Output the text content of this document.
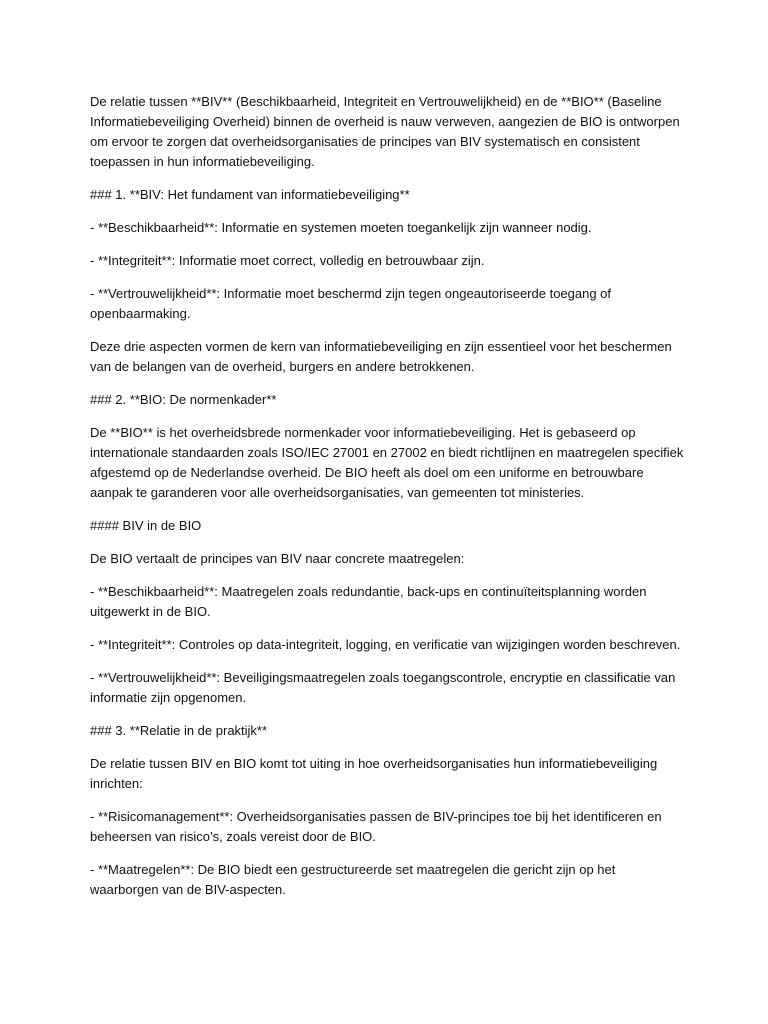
De relatie tussen **BIV** (Beschikbaarheid, Integriteit en Vertrouwelijkheid) en de **BIO** (Baseline Informatiebeveiliging Overheid) binnen de overheid is nauw verweven, aangezien de BIO is ontworpen om ervoor te zorgen dat overheidsorganisaties de principes van BIV systematisch en consistent toepassen in hun informatiebeveiliging.

### 1. **BIV: Het fundament van informatiebeveiliging**

- **Beschikbaarheid**: Informatie en systemen moeten toegankelijk zijn wanneer nodig.

- **Integriteit**: Informatie moet correct, volledig en betrouwbaar zijn.

- **Vertrouwelijkheid**: Informatie moet beschermd zijn tegen ongeautoriseerde toegang of openbaarmaking.

Deze drie aspecten vormen de kern van informatiebeveiliging en zijn essentieel voor het beschermen van de belangen van de overheid, burgers en andere betrokkenen.

### 2. **BIO: De normenkader**

De **BIO** is het overheidsbrede normenkader voor informatiebeveiliging. Het is gebaseerd op internationale standaarden zoals ISO/IEC 27001 en 27002 en biedt richtlijnen en maatregelen specifiek afgestemd op de Nederlandse overheid. De BIO heeft als doel om een uniforme en betrouwbare aanpak te garanderen voor alle overheidsorganisaties, van gemeenten tot ministeries.

#### BIV in de BIO

De BIO vertaalt de principes van BIV naar concrete maatregelen:

- **Beschikbaarheid**: Maatregelen zoals redundantie, back-ups en continuïteitsplanning worden uitgewerkt in de BIO.

- **Integriteit**: Controles op data-integriteit, logging, en verificatie van wijzigingen worden beschreven.

- **Vertrouwelijkheid**: Beveiligingsmaatregelen zoals toegangscontrole, encryptie en classificatie van informatie zijn opgenomen.

### 3. **Relatie in de praktijk**

De relatie tussen BIV en BIO komt tot uiting in hoe overheidsorganisaties hun informatiebeveiliging inrichten:

- **Risicomanagement**: Overheidsorganisaties passen de BIV-principes toe bij het identificeren en beheersen van risico’s, zoals vereist door de BIO.

- **Maatregelen**: De BIO biedt een gestructureerde set maatregelen die gericht zijn op het waarborgen van de BIV-aspecten.
